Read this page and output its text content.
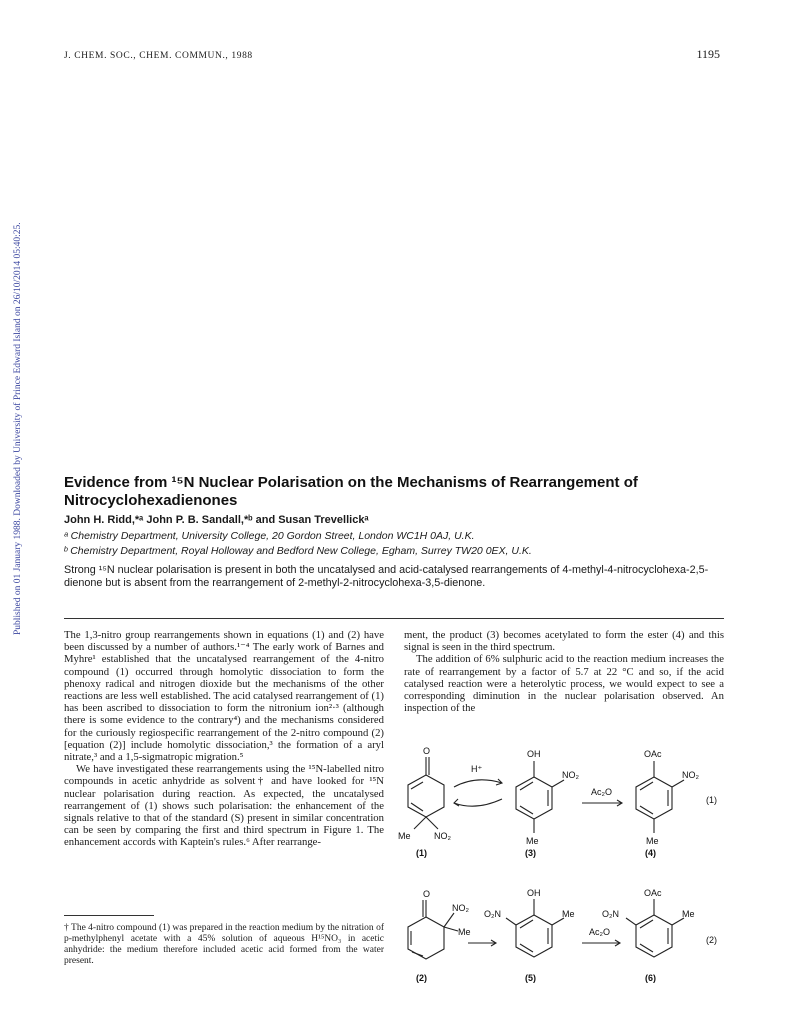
J. CHEM. SOC., CHEM. COMMUN., 1988	1195
Published on 01 January 1988. Downloaded by University of Prince Edward Island on 26/10/2014 05:40:25.	Evidence from ¹⁵N Nuclear Polarisation on the Mechanisms of Rearrangement of Nitrocyclohexadienones
John H. Ridd,*ᵃ John P. B. Sandall,*ᵇ and Susan Trevellickᵃ
ᵃ Chemistry Department, University College, 20 Gordon Street, London WC1H 0AJ, U.K.
ᵇ Chemistry Department, Royal Holloway and Bedford New College, Egham, Surrey TW20 0EX, U.K.
Strong ¹⁵N nuclear polarisation is present in both the uncatalysed and acid-catalysed rearrangements of 4-methyl-4-nitrocyclohexa-2,5-dienone but is absent from the rearrangement of 2-methyl-2-nitrocyclohexa-3,5-dienone.

The 1,3-nitro group rearrangements shown in equations (1) and (2) have been discussed by a number of authors.¹⁻⁴ The early work of Barnes and Myhre¹ established that the uncatalysed rearrangement of the 4-nitro compound (1) occurred through homolytic dissociation to form the phenoxy radical and nitrogen dioxide but the mechanisms of the other reactions are less well established. The acid catalysed rearrangement of (1) has been ascribed to dissociation to form the nitronium ion²·³ (although there is some evidence to the contrary⁴) and the mechanisms considered for the curiously regiospecific rearrangement of the 2-nitro compound (2) [equation (2)] include homolytic dissociation,³ the formation of a aryl nitrate,³ and a 1,5-sigmatropic migration.⁵

We have investigated these rearrangements using the ¹⁵N-labelled nitro compounds in acetic anhydride as solvent† and have looked for ¹⁵N nuclear polarisation during reaction. As expected, the uncatalysed rearrangement of (1) shows such polarisation: the enhancement of the signals relative to that of the standard (S) present in similar concentration can be seen by comparing the first and third spectrum in Figure 1. The enhancement accords with Kaptein's rules.⁶ After rearrange-

ment, the product (3) becomes acetylated to form the ester (4) and this signal is seen in the third spectrum.

The addition of 6% sulphuric acid to the reaction medium increases the rate of rearrangement by a factor of 5.7 at 22 °C and so, if the acid catalysed reaction were a heterolytic process, we would expect to see a corresponding diminution in the nuclear polarisation observed. An inspection of the

† The 4-nitro compound (1) was prepared in the reaction medium by the nitration of p-methylphenyl acetate with a 45% solution of aqueous H¹⁵NO₃ in acetic anhydride: the medium therefore included acetic acid formed from the water present.
O
Me	NO₂
(1)
H⁺
OH
NO₂
Me
(3)
Ac₂O
OAc
NO₂
Me
(4)
(1)
O
NO₂
Me
(2)
OH
O₂N	Me
(5)
Ac₂O
OAc
O₂N	Me
(6)
(2)
